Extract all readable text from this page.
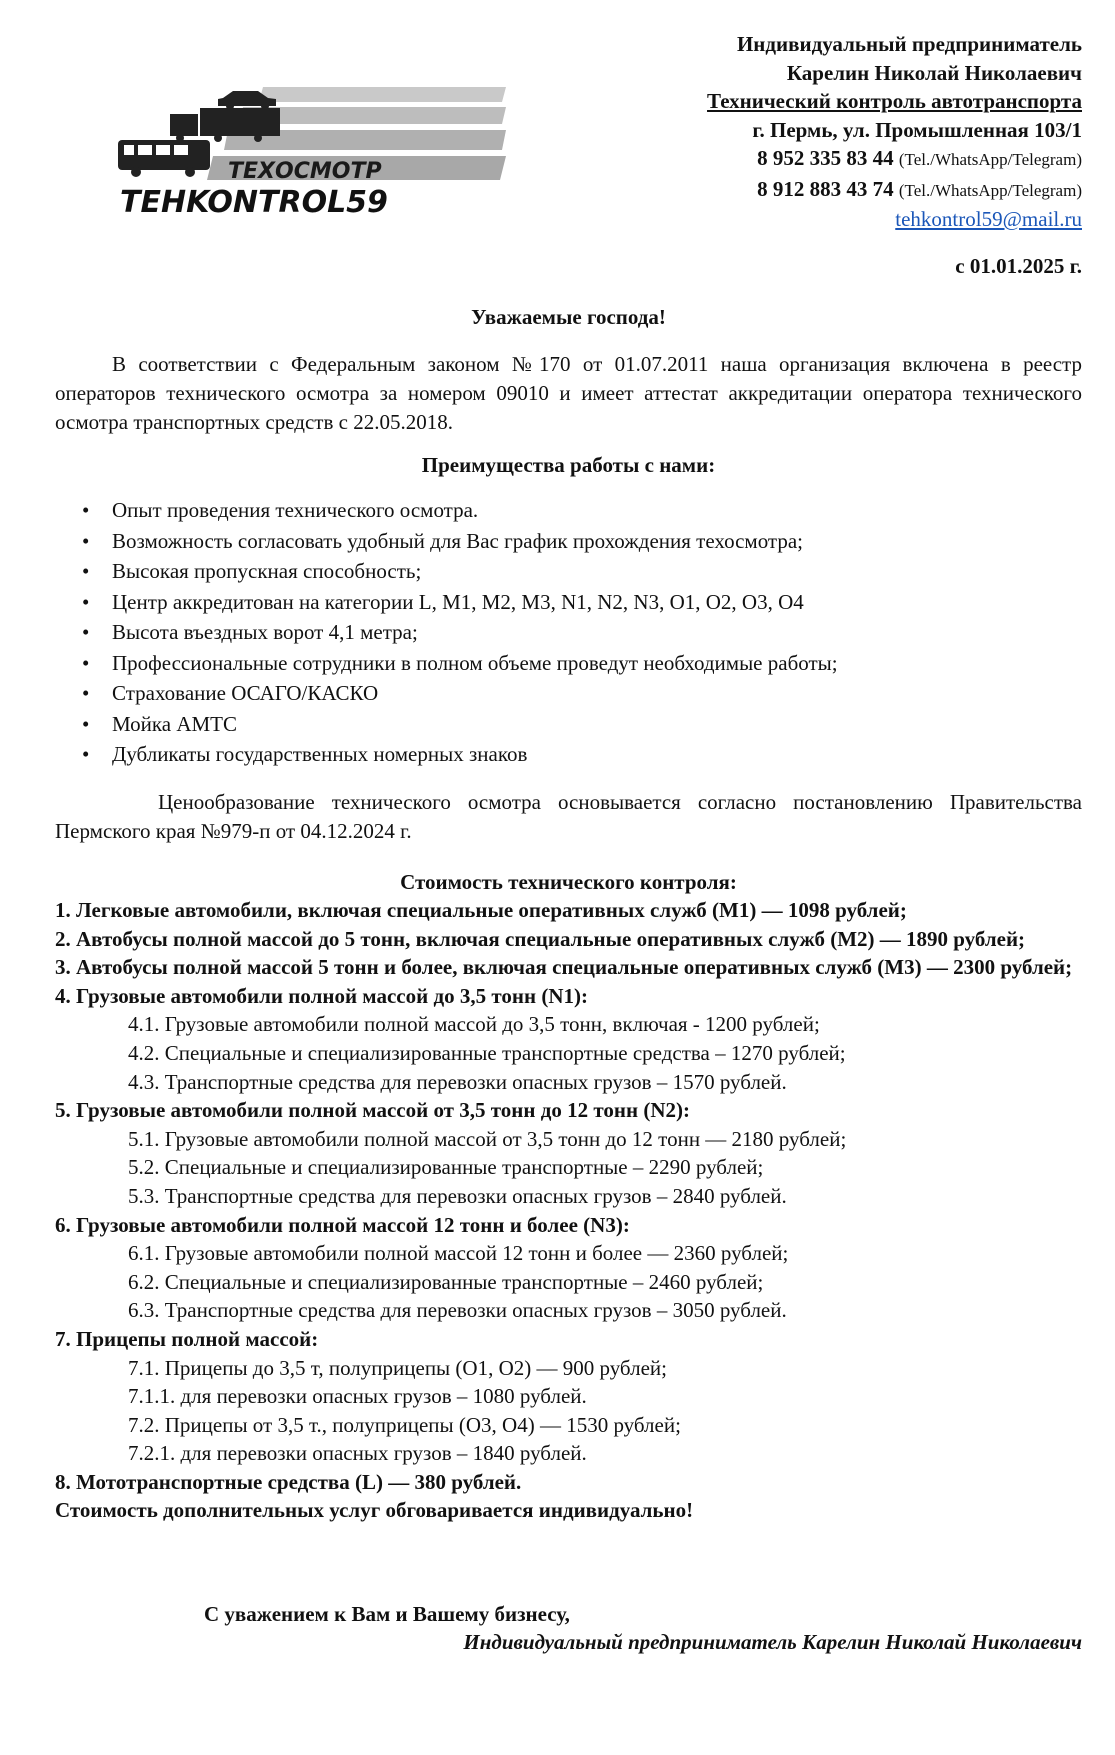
ТЕХОСМОТР
TEHKONTROL59
Индивидуальный предприниматель
Карелин Николай Николаевич
Технический контроль автотранспорта
г. Пермь, ул. Промышленная 103/1
8 952 335 83 44 (Tel./WhatsApp/Telegram)
8 912 883 43 74 (Tel./WhatsApp/Telegram)
tehkontrol59@mail.ru
с 01.01.2025 г.
Уважаемые господа!
В соответствии с Федеральным законом №170 от 01.07.2011 наша организация включена в реестр операторов технического осмотра за номером 09010 и имеет аттестат аккредитации оператора технического осмотра транспортных средств с 22.05.2018.
Преимущества работы с нами:
• Опыт проведения технического осмотра.
• Возможность согласовать удобный для Вас график прохождения техосмотра;
• Высокая пропускная способность;
• Центр аккредитован на категории L, M1, M2, M3, N1, N2, N3, O1, O2, O3, O4
• Высота въездных ворот 4,1 метра;
• Профессиональные сотрудники в полном объеме проведут необходимые работы;
• Страхование ОСАГО/КАСКО
• Мойка АМТС
• Дубликаты государственных номерных знаков
Ценообразование технического осмотра основывается согласно постановлению Правительства Пермского края №979-п от 04.12.2024 г.
Стоимость технического контроля:
1. Легковые автомобили, включая специальные оперативных служб (M1) — 1098 рублей;
2. Автобусы полной массой до 5 тонн, включая специальные оперативных служб (M2) — 1890 рублей;
3. Автобусы полной массой 5 тонн и более, включая специальные оперативных служб (M3) — 2300 рублей;
4. Грузовые автомобили полной массой до 3,5 тонн (N1):
4.1. Грузовые автомобили полной массой до 3,5 тонн, включая - 1200 рублей;
4.2. Специальные и специализированные транспортные средства – 1270 рублей;
4.3. Транспортные средства для перевозки опасных грузов – 1570 рублей.
5. Грузовые автомобили полной массой от 3,5 тонн до 12 тонн (N2):
5.1. Грузовые автомобили полной массой от 3,5 тонн до 12 тонн — 2180 рублей;
5.2. Специальные и специализированные транспортные – 2290 рублей;
5.3. Транспортные средства для перевозки опасных грузов – 2840 рублей.
6. Грузовые автомобили полной массой 12 тонн и более (N3):
6.1. Грузовые автомобили полной массой 12 тонн и более — 2360 рублей;
6.2. Специальные и специализированные транспортные – 2460 рублей;
6.3. Транспортные средства для перевозки опасных грузов – 3050 рублей.
7. Прицепы полной массой:
7.1. Прицепы до 3,5 т, полуприцепы (O1, O2) — 900 рублей;
7.1.1. для перевозки опасных грузов – 1080 рублей.
7.2. Прицепы от 3,5 т., полуприцепы (O3, O4) — 1530 рублей;
7.2.1. для перевозки опасных грузов – 1840 рублей.
8. Мототранспортные средства (L) — 380 рублей.
Стоимость дополнительных услуг обговаривается индивидуально!
С уважением к Вам и Вашему бизнесу,
Индивидуальный предприниматель Карелин Николай Николаевич
